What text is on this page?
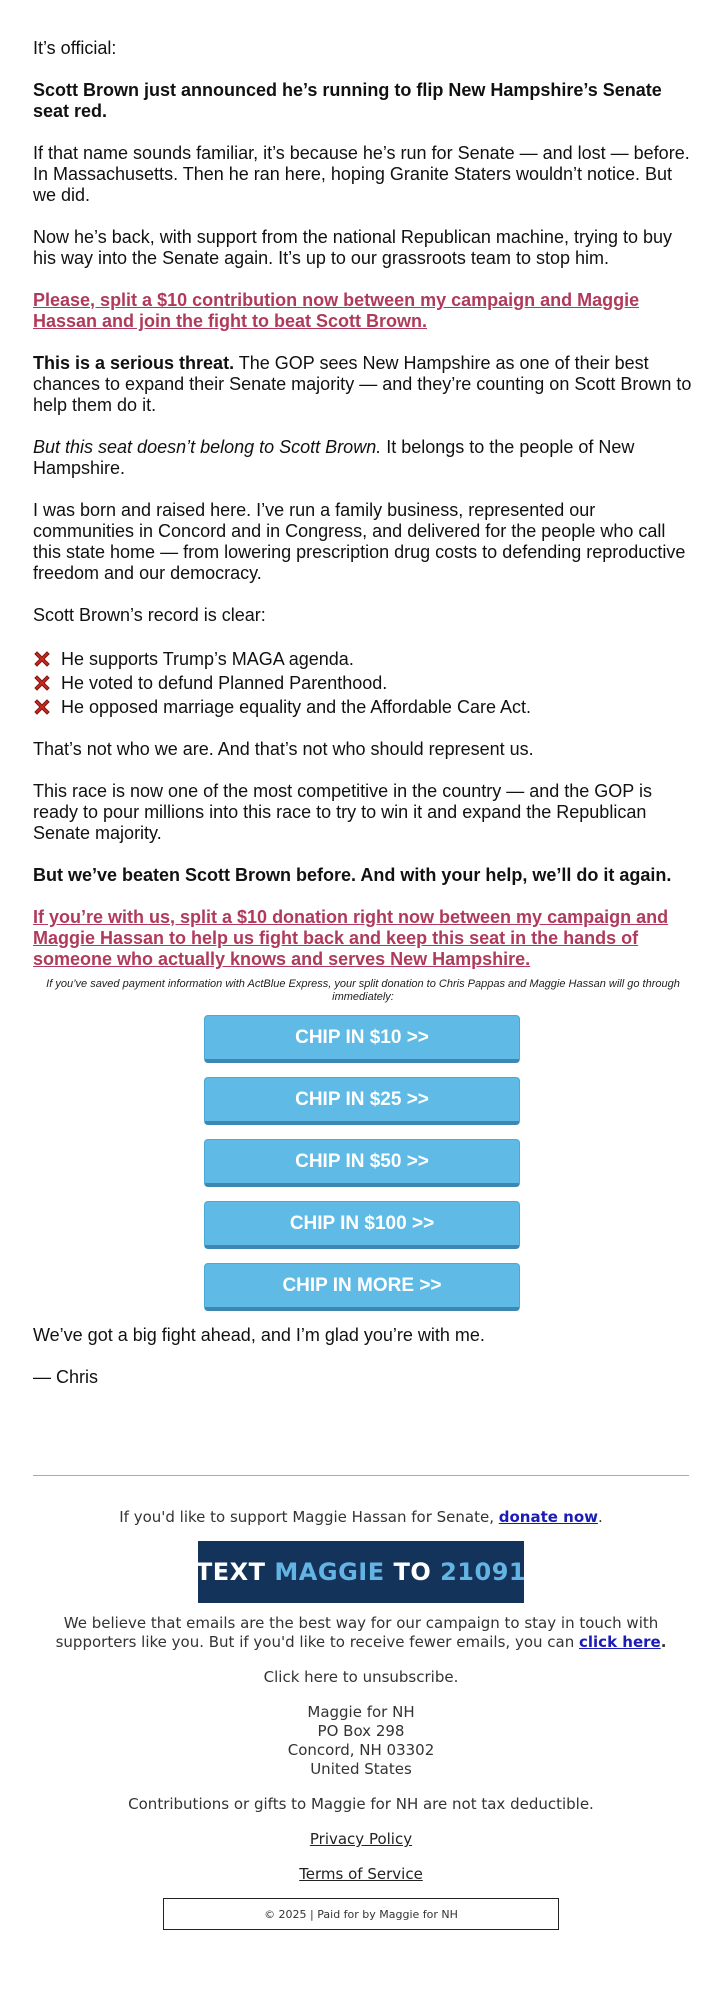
It’s official:

Scott Brown just announced he’s running to flip New Hampshire’s Senate seat red.

If that name sounds familiar, it’s because he’s run for Senate — and lost — before. In Massachusetts. Then he ran here, hoping Granite Staters wouldn’t notice. But we did.

Now he’s back, with support from the national Republican machine, trying to buy his way into the Senate again. It’s up to our grassroots team to stop him.

Please, split a $10 contribution now between my campaign and Maggie Hassan and join the fight to beat Scott Brown.

This is a serious threat. The GOP sees New Hampshire as one of their best chances to expand their Senate majority — and they’re counting on Scott Brown to help them do it.

But this seat doesn’t belong to Scott Brown. It belongs to the people of New Hampshire.

I was born and raised here. I’ve run a family business, represented our communities in Concord and in Congress, and delivered for the people who call this state home — from lowering prescription drug costs to defending reproductive freedom and our democracy.

Scott Brown’s record is clear:

He supports Trump’s MAGA agenda.
He voted to defund Planned Parenthood.
He opposed marriage equality and the Affordable Care Act.

That’s not who we are. And that’s not who should represent us.

This race is now one of the most competitive in the country — and the GOP is ready to pour millions into this race to try to win it and expand the Republican Senate majority.

But we’ve beaten Scott Brown before. And with your help, we’ll do it again.

If you’re with us, split a $10 donation right now between my campaign and Maggie Hassan to help us fight back and keep this seat in the hands of someone who actually knows and serves New Hampshire.

If you’ve saved payment information with ActBlue Express, your split donation to Chris Pappas and Maggie Hassan will go through immediately:
CHIP IN $10 >>
CHIP IN $25 >>
CHIP IN $50 >>
CHIP IN $100 >>
CHIP IN MORE >>

We’ve got a big fight ahead, and I’m glad you’re with me.

— Chris

If you'd like to support Maggie Hassan for Senate, donate now.

TEXT
MAGGIE
TO
21091

We believe that emails are the best way for our campaign to stay in touch with supporters like you. But if you'd like to receive fewer emails, you can click here.

Click here to unsubscribe.

Maggie for NH

PO Box 298

Concord, NH 03302

United States

Contributions or gifts to Maggie for NH are not tax deductible.

Privacy Policy

Terms of Service

© 2025 | Paid for by Maggie for NH
